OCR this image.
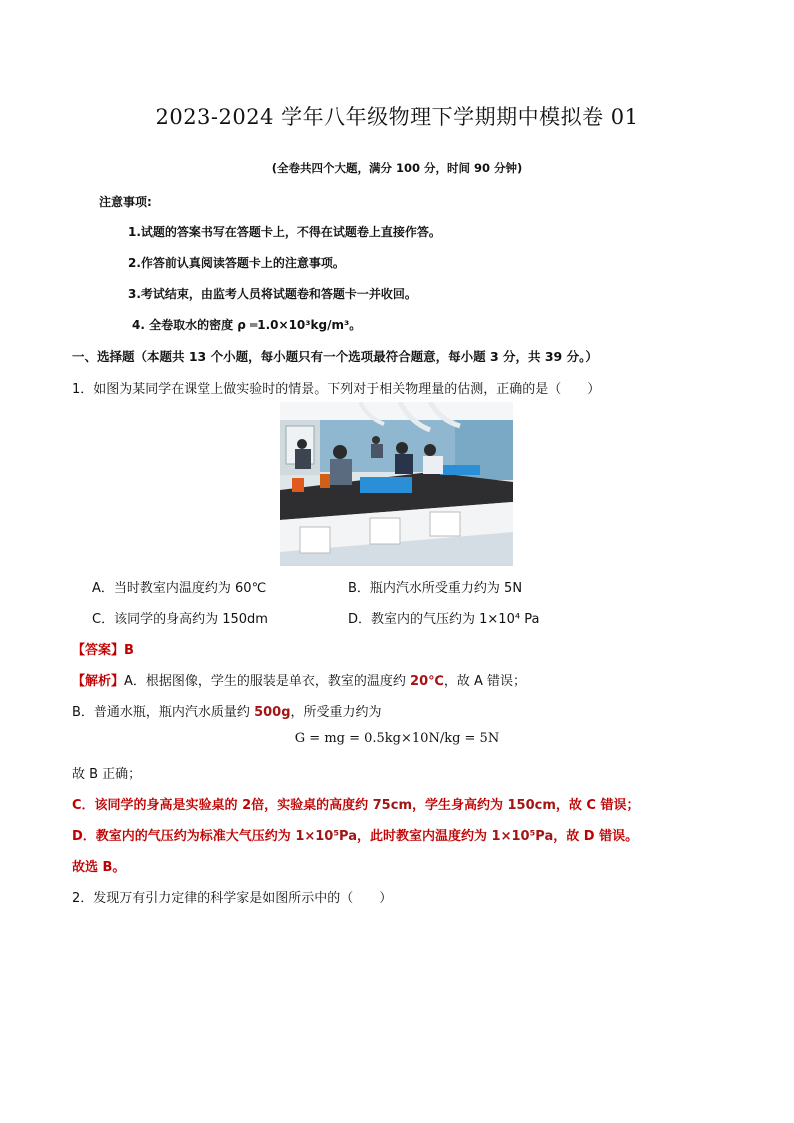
2023-2024 学年八年级物理下学期期中模拟卷 01
(全卷共四个大题，满分 100 分，时间 90 分钟)
注意事项:
1.试题的答案书写在答题卡上，不得在试题卷上直接作答。
2.作答前认真阅读答题卡上的注意事项。
3.考试结束，由监考人员将试题卷和答题卡一并收回。
4. 全卷取水的密度 ρ ═1.0×10³kg/m³。
一、选择题（本题共 13 个小题，每小题只有一个选项最符合题意，每小题 3 分，共 39 分。）
1．如图为某同学在课堂上做实验时的情景。下列对于相关物理量的估测，正确的是（　　）
A．当时教室内温度约为 60℃	B．瓶内汽水所受重力约为 5N
C．该同学的身高约为 150dm	D．教室内的气压约为 1×10⁴ Pa
【答案】B
【解析】A．根据图像，学生的服装是单衣，教室的温度约 20℃，故 A 错误；
B．普通水瓶，瓶内汽水质量约 500g，所受重力约为
G = mg = 0.5kg×10N/kg = 5N
故 B 正确；
C．该同学的身高是实验桌的 2倍，实验桌的高度约 75cm，学生身高约为 150cm，故 C 错误；
D．教室内的气压约为标准大气压约为 1×10⁵Pa，此时教室内温度约为 1×10⁵Pa，故 D 错误。
故选 B。
2．发现万有引力定律的科学家是如图所示中的（　　）
